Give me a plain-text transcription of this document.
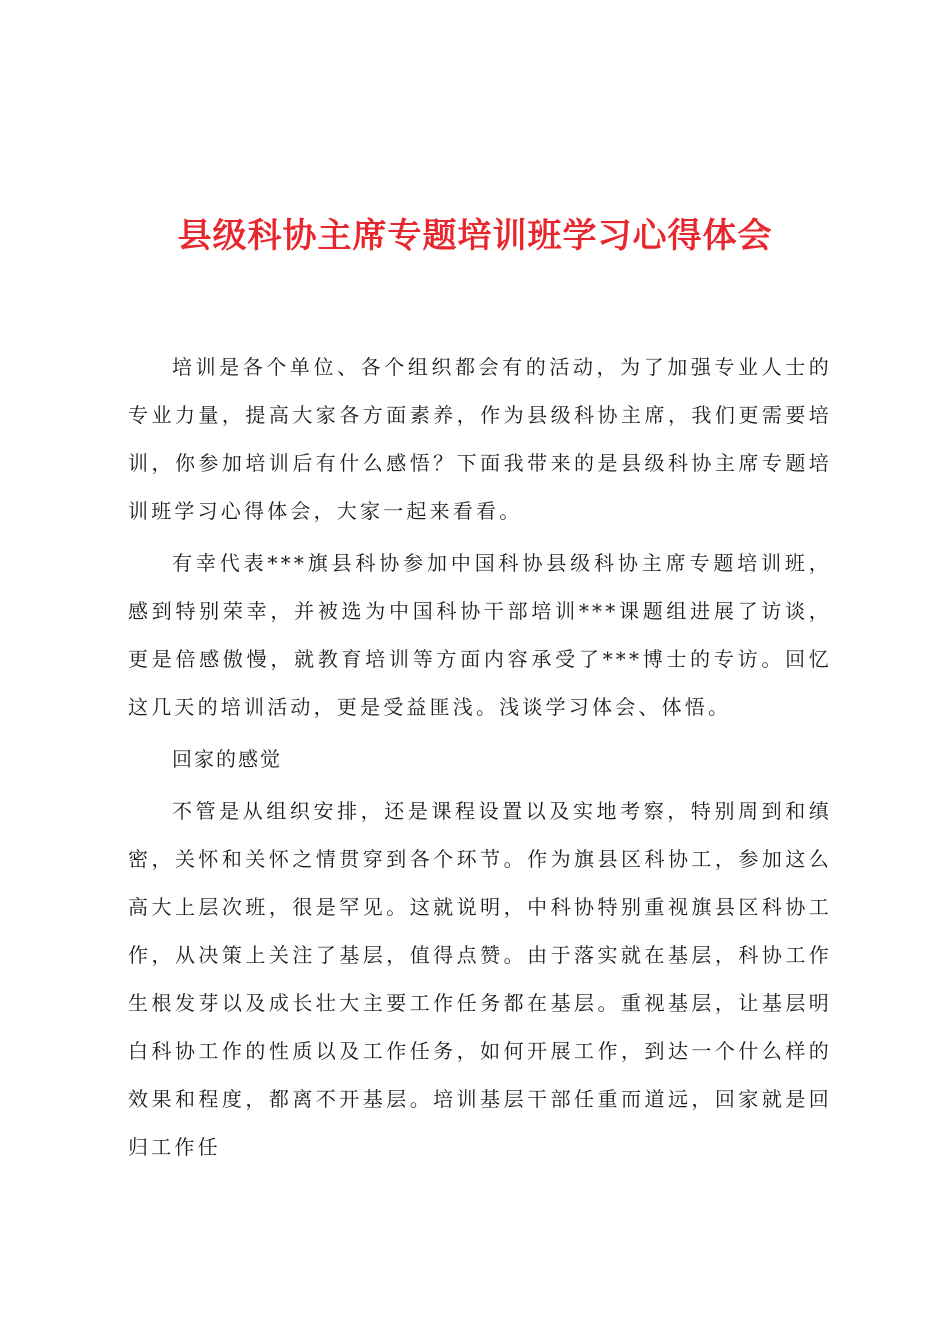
县级科协主席专题培训班学习心得体会

培训是各个单位、各个组织都会有的活动，为了加强专业人士的专业力量，提高大家各方面素养，作为县级科协主席，我们更需要培训，你参加培训后有什么感悟？下面我带来的是县级科协主席专题培训班学习心得体会，大家一起来看看。

有幸代表***旗县科协参加中国科协县级科协主席专题培训班，感到特别荣幸，并被选为中国科协干部培训***课题组进展了访谈，更是倍感傲慢，就教育培训等方面内容承受了***博士的专访。回忆这几天的培训活动，更是受益匪浅。浅谈学习体会、体悟。

回家的感觉

不管是从组织安排，还是课程设置以及实地考察，特别周到和缜密，关怀和关怀之情贯穿到各个环节。作为旗县区科协工，参加这么高大上层次班，很是罕见。这就说明，中科协特别重视旗县区科协工作，从决策上关注了基层，值得点赞。由于落实就在基层，科协工作生根发芽以及成长壮大主要工作任务都在基层。重视基层，让基层明白科协工作的性质以及工作任务，如何开展工作，到达一个什么样的效果和程度，都离不开基层。培训基层干部任重而道远，回家就是回归工作任
